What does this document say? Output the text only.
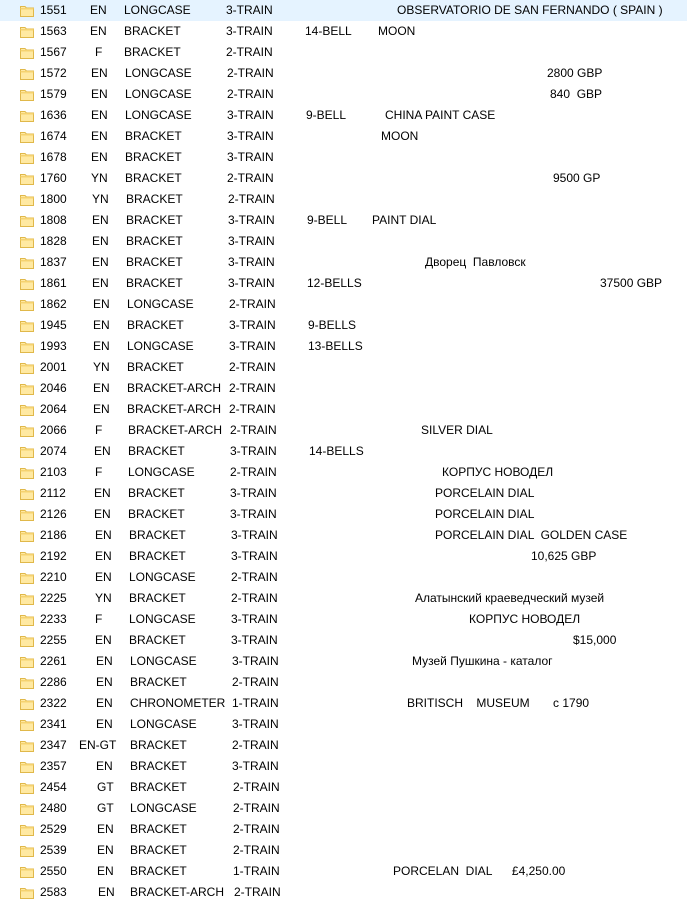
1551 EN LONGCASE	3-TRAIN	OBSERVATORIO DE SAN FERNANDO ( SPAIN )
1563 EN BRACKET	3-TRAIN	14-BELL MOON
1567 F BRACKET	2-TRAIN
1572 EN LONGCASE	2-TRAIN	2800 GBP
1579 EN LONGCASE	2-TRAIN	840  GBP
1636 EN LONGCASE	3-TRAIN	9-BELL	CHINA PAINT CASE
1674 EN BRACKET	3-TRAIN	MOON
1678 EN BRACKET	3-TRAIN
1760 YN BRACKET	2-TRAIN	9500 GP
1800 YN BRACKET	2-TRAIN
1808 EN BRACKET	3-TRAIN	9-BELL PAINT DIAL
1828 EN BRACKET	3-TRAIN
1837 EN BRACKET	3-TRAIN	Дворец  Павловск
1861 EN BRACKET	3-TRAIN	12-BELLS	37500 GBP
1862 EN LONGCASE	2-TRAIN
1945 EN BRACKET	3-TRAIN	9-BELLS
1993 EN LONGCASE	3-TRAIN	13-BELLS
2001 YN BRACKET	2-TRAIN
2046 EN BRACKET-ARCH 2-TRAIN
2064 EN BRACKET-ARCH 2-TRAIN
2066 F BRACKET-ARCH 2-TRAIN	SILVER DIAL
2074 EN BRACKET	3-TRAIN	14-BELLS
2103 F LONGCASE	2-TRAIN	КОРПУС НОВОДЕЛ
2112 EN BRACKET	3-TRAIN	PORCELAIN DIAL
2126 EN BRACKET	3-TRAIN	PORCELAIN DIAL
2186 EN BRACKET	3-TRAIN	PORCELAIN DIAL  GOLDEN CASE
2192 EN BRACKET	3-TRAIN	10,625 GBP
2210 EN LONGCASE	2-TRAIN
2225 YN BRACKET	2-TRAIN	Алатынский краеведческий музей
2233 F LONGCASE	3-TRAIN	КОРПУС НОВОДЕЛ
2255 EN BRACKET	3-TRAIN	$15,000
2261 EN LONGCASE	3-TRAIN	Музей Пушкина - каталог
2286 EN BRACKET	2-TRAIN
2322 EN CHRONOMETER 1-TRAIN	BRITISCH    MUSEUM       c 1790
2341 EN LONGCASE	3-TRAIN
2347 EN-GT BRACKET	2-TRAIN
2357 EN BRACKET	3-TRAIN
2454	GT BRACKET	2-TRAIN
2480	GT LONGCASE	2-TRAIN
2529	EN BRACKET	2-TRAIN
2539	EN BRACKET	2-TRAIN
2550	EN BRACKET	1-TRAIN	PORCELAN  DIAL      £4,250.00
2583	EN BRACKET-ARCH 2-TRAIN
